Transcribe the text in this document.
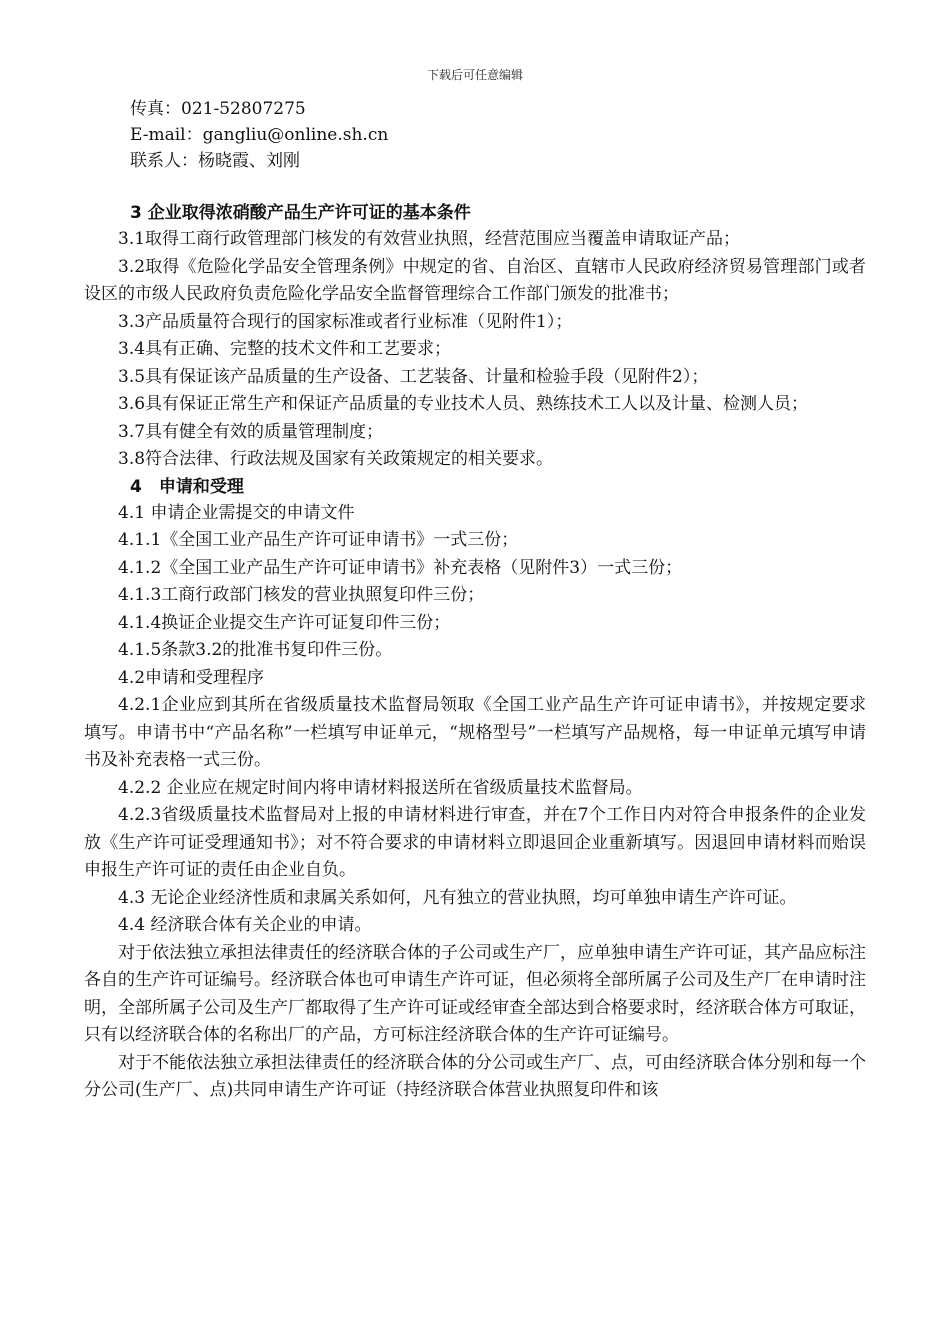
下载后可任意编辑

传真：021-52807275

E-mail：gangliu@online.sh.cn

联系人：杨晓霞、刘刚

3 企业取得浓硝酸产品生产许可证的基本条件

3.1取得工商行政管理部门核发的有效营业执照，经营范围应当覆盖申请取证产品；

3.2取得《危险化学品安全管理条例》中规定的省、自治区、直辖市人民政府经济贸易管理部门或者设区的市级人民政府负责危险化学品安全监督管理综合工作部门颁发的批准书；

3.3产品质量符合现行的国家标准或者行业标准（见附件1）；

3.4具有正确、完整的技术文件和工艺要求；

3.5具有保证该产品质量的生产设备、工艺装备、计量和检验手段（见附件2）；

3.6具有保证正常生产和保证产品质量的专业技术人员、熟练技术工人以及计量、检测人员；

3.7具有健全有效的质量管理制度；

3.8符合法律、行政法规及国家有关政策规定的相关要求。

4　申请和受理

4.1 申请企业需提交的申请文件

4.1.1《全国工业产品生产许可证申请书》一式三份；

4.1.2《全国工业产品生产许可证申请书》补充表格（见附件3）一式三份；

4.1.3工商行政部门核发的营业执照复印件三份；

4.1.4换证企业提交生产许可证复印件三份；

4.1.5条款3.2的批准书复印件三份。

4.2申请和受理程序

4.2.1企业应到其所在省级质量技术监督局领取《全国工业产品生产许可证申请书》，并按规定要求填写。申请书中“产品名称”一栏填写申证单元，“规格型号”一栏填写产品规格，每一申证单元填写申请书及补充表格一式三份。

4.2.2 企业应在规定时间内将申请材料报送所在省级质量技术监督局。

4.2.3省级质量技术监督局对上报的申请材料进行审查，并在7个工作日内对符合申报条件的企业发放《生产许可证受理通知书》；对不符合要求的申请材料立即退回企业重新填写。因退回申请材料而贻误申报生产许可证的责任由企业自负。

4.3 无论企业经济性质和隶属关系如何，凡有独立的营业执照，均可单独申请生产许可证。

4.4 经济联合体有关企业的申请。

对于依法独立承担法律责任的经济联合体的子公司或生产厂，应单独申请生产许可证，其产品应标注各自的生产许可证编号。经济联合体也可申请生产许可证，但必须将全部所属子公司及生产厂在申请时注明，全部所属子公司及生产厂都取得了生产许可证或经审查全部达到合格要求时，经济联合体方可取证，只有以经济联合体的名称出厂的产品，方可标注经济联合体的生产许可证编号。

对于不能依法独立承担法律责任的经济联合体的分公司或生产厂、点，可由经济联合体分别和每一个分公司(生产厂、点)共同申请生产许可证（持经济联合体营业执照复印件和该
